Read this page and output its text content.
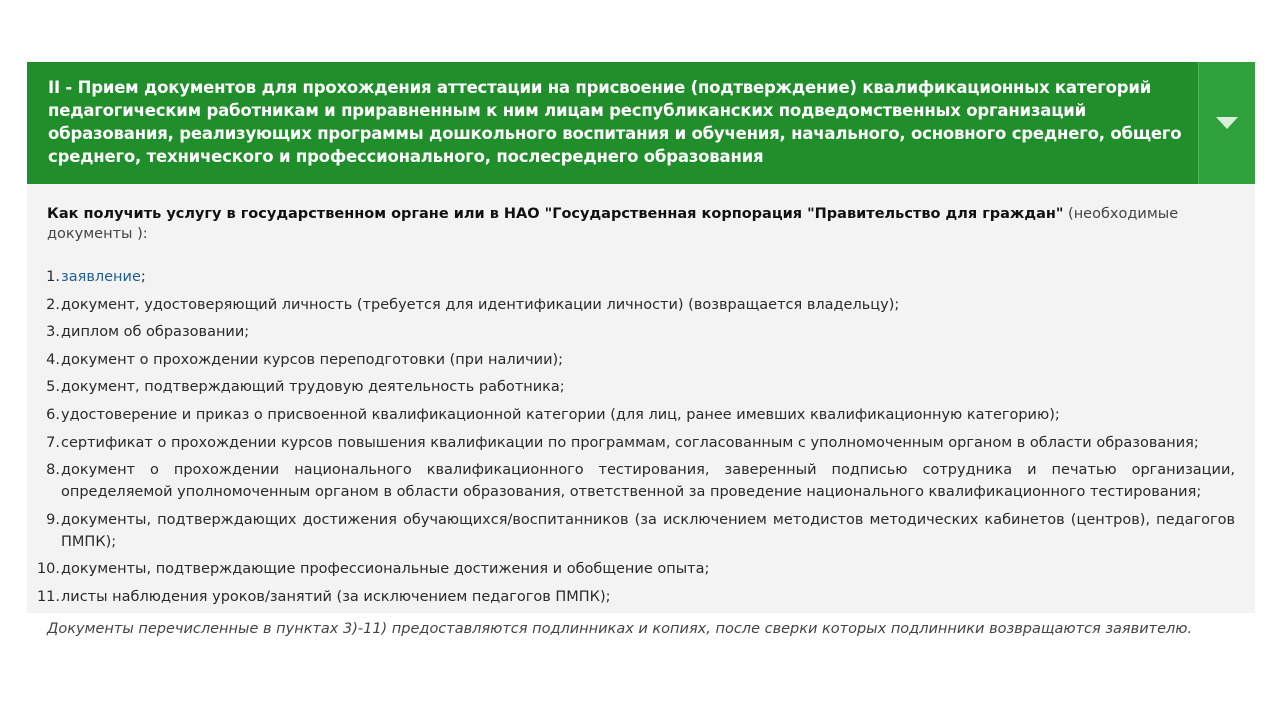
II - Прием документов для прохождения аттестации на присвоение (подтверждение) квалификационных категорий педагогическим работникам и приравненным к ним лицам республиканских подведомственных организаций образования, реализующих программы дошкольного воспитания и обучения, начального, основного среднего, общего среднего, технического и профессионального, послесреднего образования

Как получить услугу в государственном органе или в НАО "Государственная корпорация "Правительство для граждан" (необходимые документы ):

1. заявление;
2. документ, удостоверяющий личность (требуется для идентификации личности) (возвращается владельцу);
3. диплом об образовании;
4. документ о прохождении курсов переподготовки (при наличии);
5. документ, подтверждающий трудовую деятельность работника;
6. удостоверение и приказ о присвоенной квалификационной категории (для лиц, ранее имевших квалификационную категорию);
7. сертификат о прохождении курсов повышения квалификации по программам, согласованным с уполномоченным органом в области образования;
8. документ о прохождении национального квалификационного тестирования, заверенный подписью сотрудника и печатью организации, определяемой уполномоченным органом в области образования, ответственной за проведение национального квалификационного тестирования;
9. документы, подтверждающих достижения обучающихся/воспитанников (за исключением методистов методических кабинетов (центров), педагогов ПМПК);
10. документы, подтверждающие профессиональные достижения и обобщение опыта;
11. листы наблюдения уроков/занятий (за исключением педагогов ПМПК);

Документы перечисленные в пунктах 3)-11) предоставляются подлинниках и копиях, после сверки которых подлинники возвращаются заявителю.
